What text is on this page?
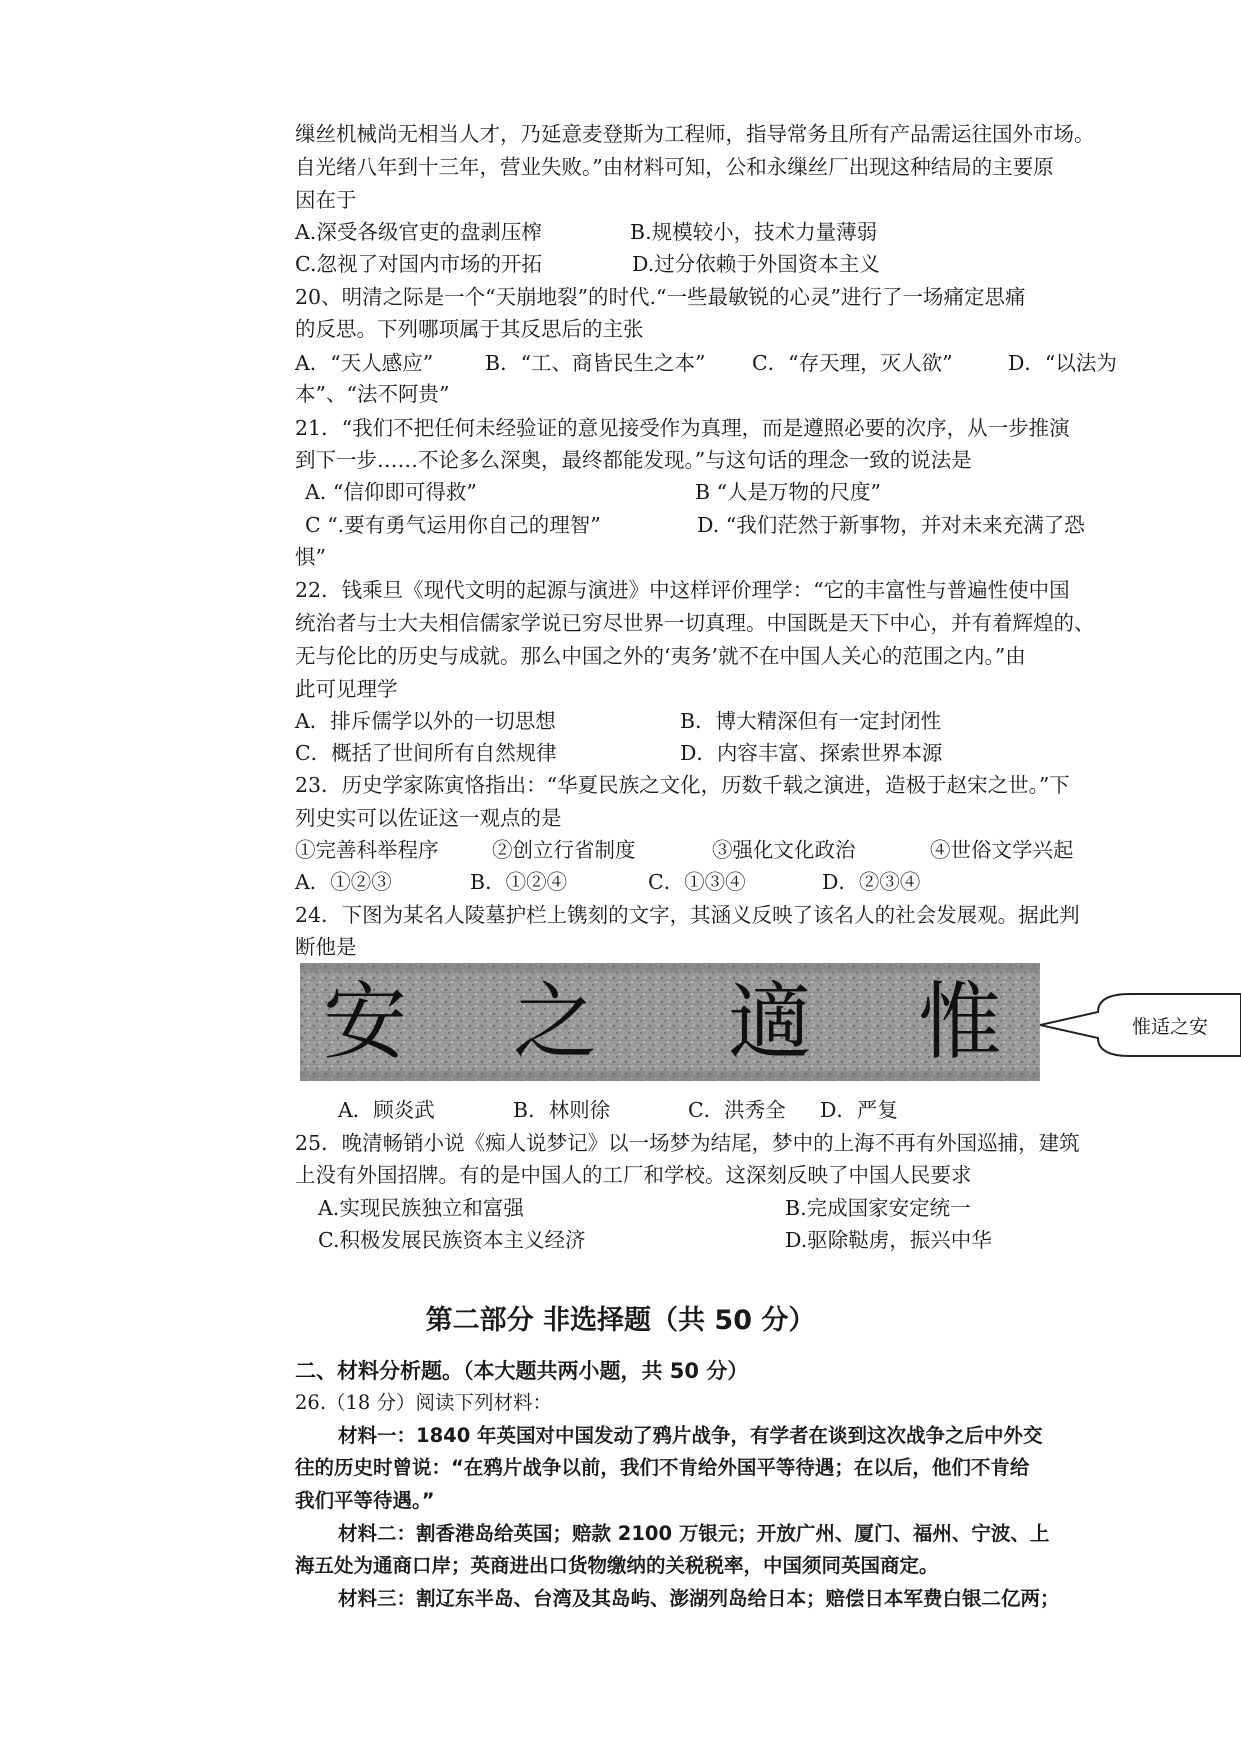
缫丝机械尚无相当人才，乃延意麦登斯为工程师，指导常务且所有产品需运往国外市场。
自光绪八年到十三年，营业失败。”由材料可知，公和永缫丝厂出现这种结局的主要原
因在于
A.深受各级官吏的盘剥压榨	B.规模较小，技术力量薄弱
C.忽视了对国内市场的开拓	D.过分依赖于外国资本主义
20、明清之际是一个“天崩地裂”的时代.“一些最敏锐的心灵”进行了一场痛定思痛
的反思。下列哪项属于其反思后的主张
A．“天人感应”	B．“工、商皆民生之本” C．“存天理，灭人欲”	D．“以法为
本”、“法不阿贵”
21．“我们不把任何未经验证的意见接受作为真理，而是遵照必要的次序，从一步推演
到下一步……不论多么深奥，最终都能发现。”与这句话的理念一致的说法是
A. “信仰即可得救”	B “人是万物的尺度”
C “.要有勇气运用你自己的理智”	D. “我们茫然于新事物，并对未来充满了恐
惧”
22．钱乘旦《现代文明的起源与演进》中这样评价理学：“它的丰富性与普遍性使中国
统治者与士大夫相信儒家学说已穷尽世界一切真理。中国既是天下中心，并有着辉煌的、
无与伦比的历史与成就。那么中国之外的‘夷务’就不在中国人关心的范围之内。”由
此可见理学
A．排斥儒学以外的一切思想	B．博大精深但有一定封闭性
C．概括了世间所有自然规律	D．内容丰富、探索世界本源
23．历史学家陈寅恪指出：“华夏民族之文化，历数千载之演进，造极于赵宋之世。”下
列史实可以佐证这一观点的是
①完善科举程序	②创立行省制度	③强化文化政治	④世俗文学兴起
A．①②③	B．①②④	C．①③④	D．②③④
24．下图为某名人陵墓护栏上镌刻的文字，其涵义反映了该名人的社会发展观。据此判
断他是
安 之 適 惟	惟适之安
A．顾炎武	B．林则徐	C．洪秀全 D．严复
25．晚清畅销小说《痴人说梦记》以一场梦为结尾，梦中的上海不再有外国巡捕，建筑
上没有外国招牌。有的是中国人的工厂和学校。这深刻反映了中国人民要求
A.实现民族独立和富强	B.完成国家安定统一
C.积极发展民族资本主义经济	D.驱除鞑虏，振兴中华
第二部分 非选择题（共 50 分）
二、材料分析题。（本大题共两小题，共 50 分）
26.（18 分）阅读下列材料：
材料一：1840 年英国对中国发动了鸦片战争，有学者在谈到这次战争之后中外交
往的历史时曾说：“在鸦片战争以前，我们不肯给外国平等待遇；在以后，他们不肯给
我们平等待遇。”
材料二：割香港岛给英国；赔款 2100 万银元；开放广州、厦门、福州、宁波、上
海五处为通商口岸；英商进出口货物缴纳的关税税率，中国须同英国商定。
材料三：割辽东半岛、台湾及其岛屿、澎湖列岛给日本；赔偿日本军费白银二亿两；
